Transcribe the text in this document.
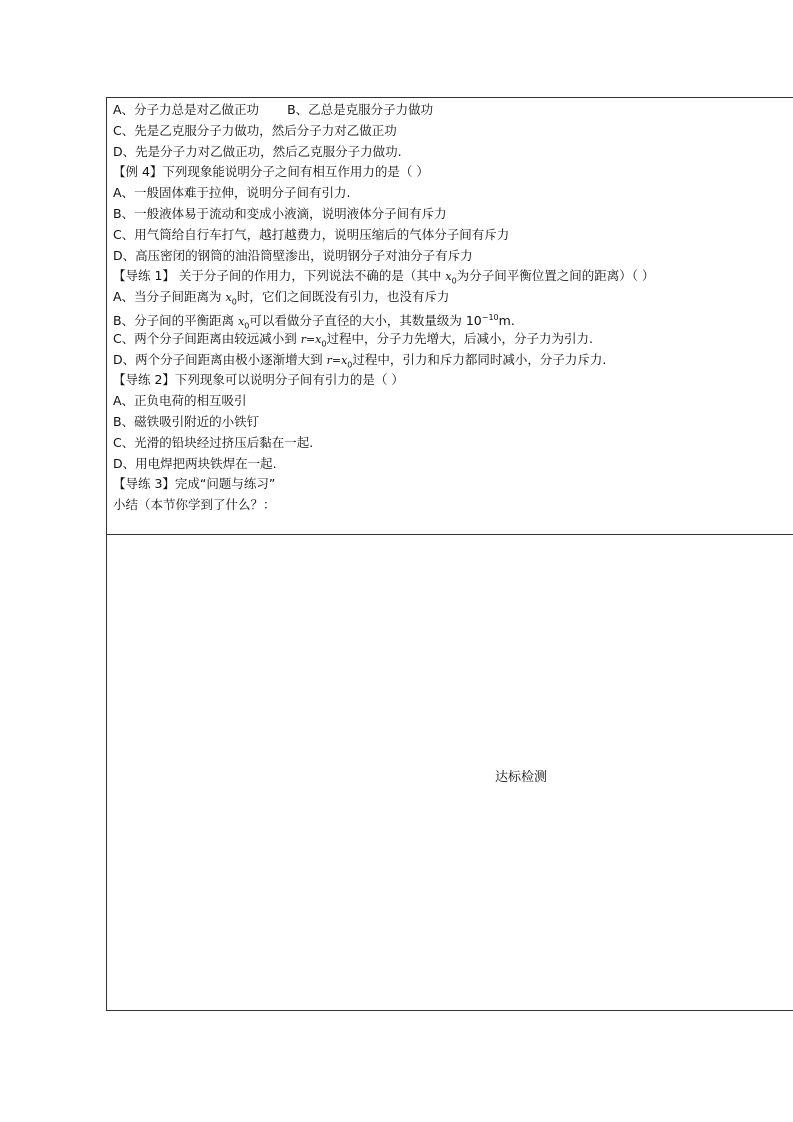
A、分子力总是对乙做正功 B、乙总是克服分子力做功
C、先是乙克服分子力做功，然后分子力对乙做正功
D、先是分子力对乙做正功，然后乙克服分子力做功.
【例 4】下列现象能说明分子之间有相互作用力的是（ ）
A、一般固体难于拉伸，说明分子间有引力.
B、一般液体易于流动和变成小液滴，说明液体分子间有斥力
C、用气筒给自行车打气，越打越费力，说明压缩后的气体分子间有斥力
D、高压密闭的钢筒的油沿筒壁渗出，说明钢分子对油分子有斥力
【导练 1】 关于分子间的作用力，下列说法不确的是（其中 $x_0$为分子间平衡位置之间的距离）（ ）
A、当分子间距离为 $x_0$时，它们之间既没有引力，也没有斥力
B、分子间的平衡距离 $x_0$可以看做分子直径的大小，其数量级为 $10^{-10}m$.
C、两个分子间距离由较远减小到 $r=x_0$过程中，分子力先增大，后减小，分子力为引力.
D、两个分子间距离由极小逐渐增大到 $r=x_0$过程中，引力和斥力都同时减小，分子力斥力.
【导练 2】下列现象可以说明分子间有引力的是（ ）
A、正负电荷的相互吸引
B、磁铁吸引附近的小铁钉
C、光滑的铅块经过挤压后黏在一起.
D、用电焊把两块铁焊在一起.
【导练 3】完成“问题与练习”
小结（本节你学到了什么？：
达标检测
